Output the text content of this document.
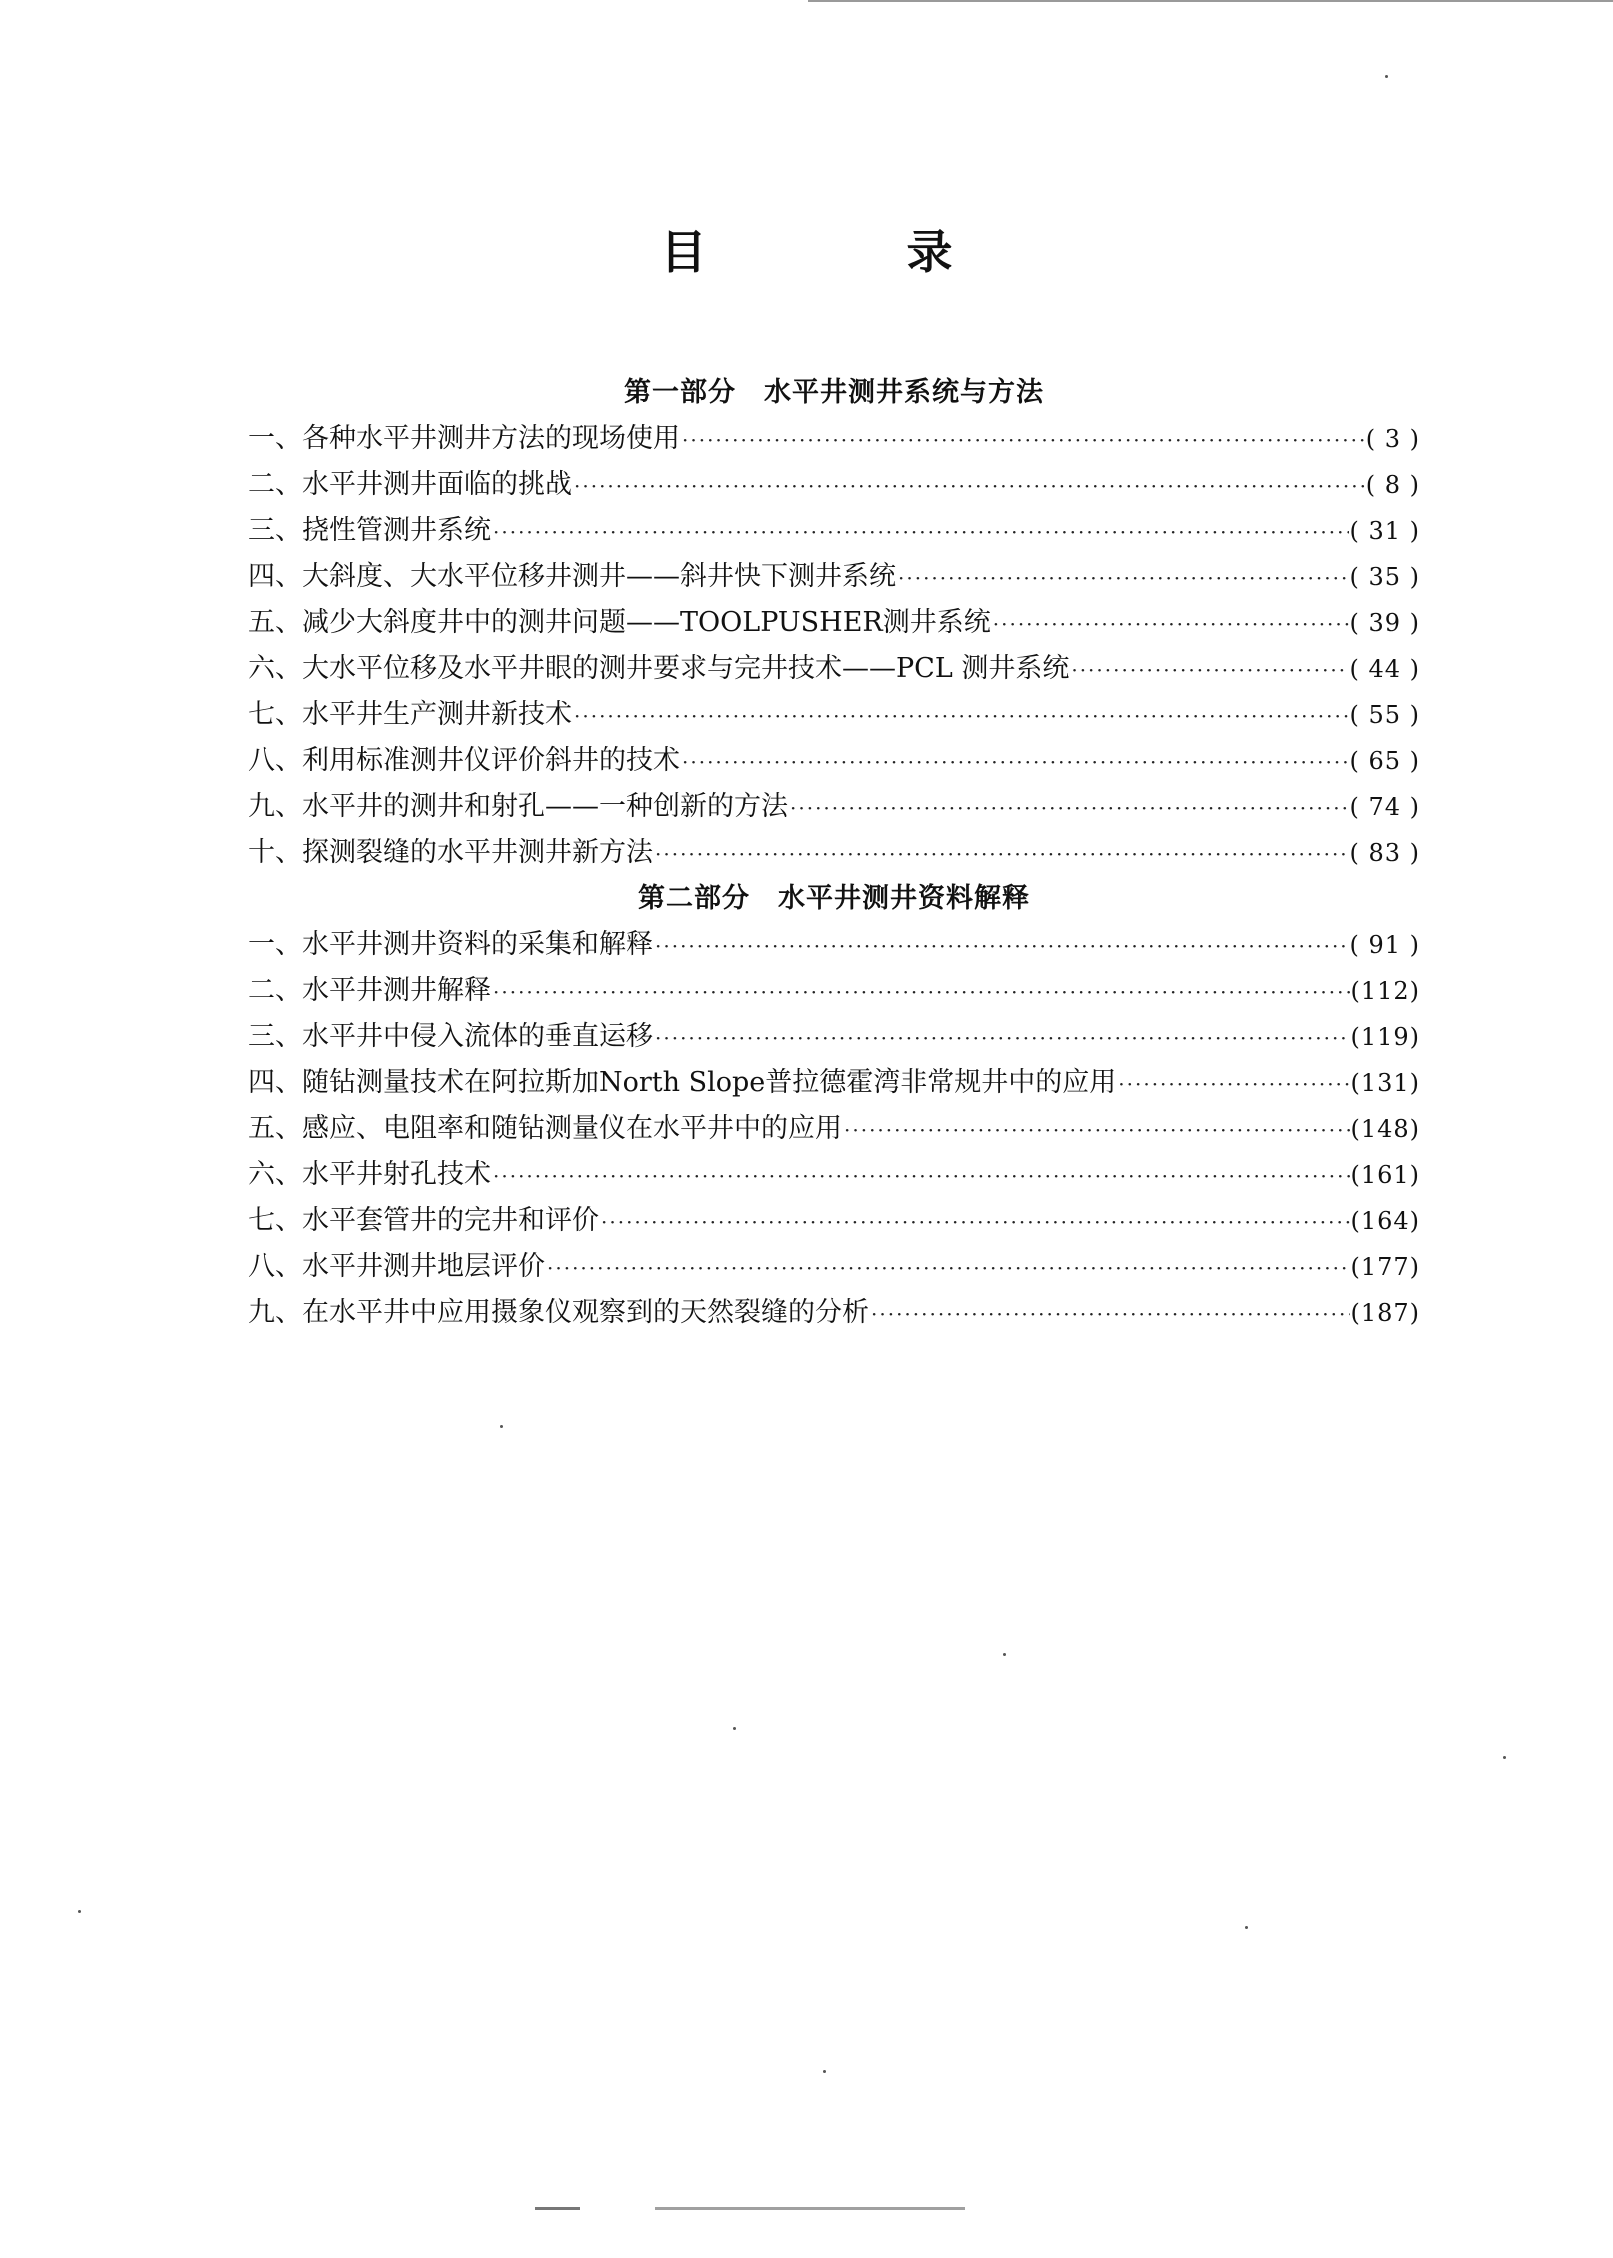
目 录
第一部分　水平井测井系统与方法
一、各种水平井测井方法的现场使用 ·····	( 3 )
二、水平井测井面临的挑战 ·····	( 8 )
三、挠性管测井系统 ·····	( 31 )
四、大斜度、大水平位移井测井——斜井快下测井系统 ·····	( 35 )
五、减少大斜度井中的测井问题——TOOLPUSHER测井系统 ·····	( 39 )
六、大水平位移及水平井眼的测井要求与完井技术——PCL 测井系统 ·····	( 44 )
七、水平井生产测井新技术 ·····	( 55 )
八、利用标准测井仪评价斜井的技术 ·····	( 65 )
九、水平井的测井和射孔——一种创新的方法 ·····	( 74 )
十、探测裂缝的水平井测井新方法 ·····	( 83 )
第二部分　水平井测井资料解释
一、水平井测井资料的采集和解释 ·····	( 91 )
二、水平井测井解释 ·····	(112)
三、水平井中侵入流体的垂直运移 ·····	(119)
四、随钻测量技术在阿拉斯加North Slope普拉德霍湾非常规井中的应用 ·····	(131)
五、感应、电阻率和随钻测量仪在水平井中的应用 ·····	(148)
六、水平井射孔技术 ·····	(161)
七、水平套管井的完井和评价 ·····	(164)
八、水平井测井地层评价 ·····	(177)
九、在水平井中应用摄象仪观察到的天然裂缝的分析 ·····	(187)
